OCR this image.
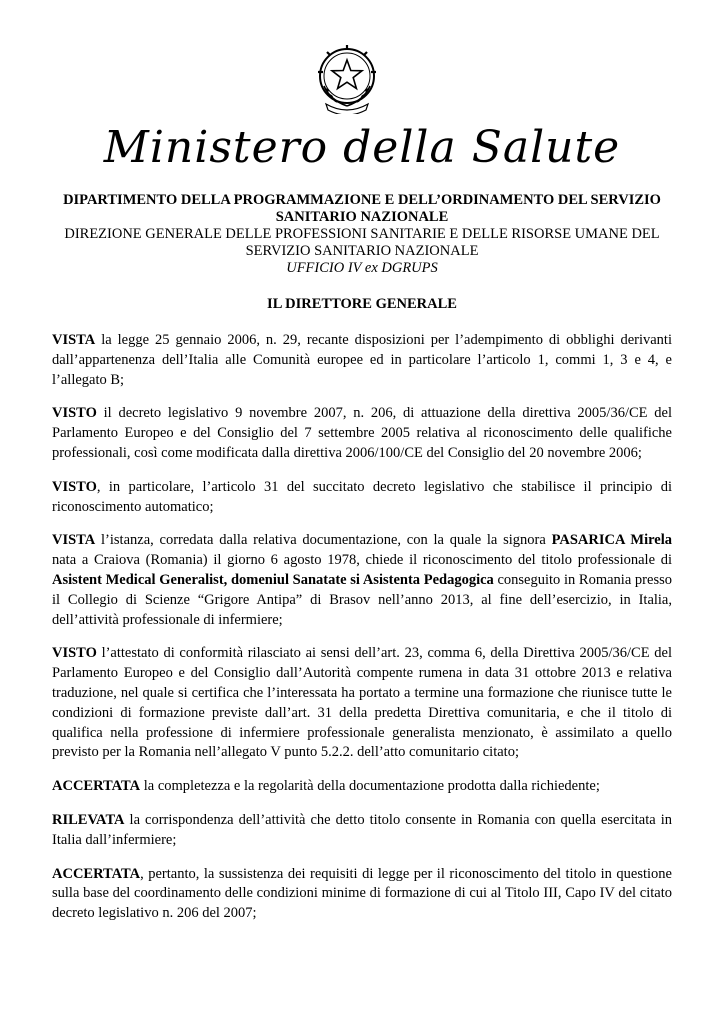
Ministero della Salute
DIPARTIMENTO DELLA PROGRAMMAZIONE E DELL’ORDINAMENTO DEL SERVIZIO SANITARIO NAZIONALE
DIREZIONE GENERALE DELLE PROFESSIONI SANITARIE E DELLE RISORSE UMANE DEL SERVIZIO SANITARIO NAZIONALE
UFFICIO IV ex DGRUPS
IL DIRETTORE GENERALE

VISTA la legge 25 gennaio 2006, n. 29, recante disposizioni per l’adempimento di obblighi derivanti dall’appartenenza dell’Italia alle Comunità europee ed in particolare l’articolo 1, commi 1, 3 e 4, e l’allegato B;

VISTO il decreto legislativo 9 novembre 2007, n. 206, di attuazione della direttiva 2005/36/CE del Parlamento Europeo e del Consiglio del 7 settembre 2005 relativa al riconoscimento delle qualifiche professionali, così come modificata dalla direttiva 2006/100/CE del Consiglio del 20 novembre 2006;

VISTO, in particolare, l’articolo 31 del succitato decreto legislativo che stabilisce il principio di riconoscimento automatico;

VISTA l’istanza, corredata dalla relativa documentazione, con la quale la signora PASARICA Mirela nata a Craiova (Romania) il giorno 6 agosto 1978, chiede il riconoscimento del titolo professionale di Asistent Medical Generalist, domeniul Sanatate si Asistenta Pedagogica conseguito in Romania presso il Collegio di Scienze “Grigore Antipa” di Brasov nell’anno 2013, al fine dell’esercizio, in Italia, dell’attività professionale di infermiere;

VISTO l’attestato di conformità rilasciato ai sensi dell’art. 23, comma 6, della Direttiva 2005/36/CE del Parlamento Europeo e del Consiglio dall’Autorità compente rumena in data 31 ottobre 2013 e relativa traduzione, nel quale si certifica che l’interessata ha portato a termine una formazione che riunisce tutte le condizioni di formazione previste dall’art. 31 della predetta Direttiva comunitaria, e che il titolo di qualifica nella professione di infermiere professionale generalista menzionato, è assimilato a quello previsto per la Romania nell’allegato V punto 5.2.2. dell’atto comunitario citato;

ACCERTATA la completezza e la regolarità della documentazione prodotta dalla richiedente;

RILEVATA la corrispondenza dell’attività che detto titolo consente in Romania con quella esercitata in Italia dall’infermiere;

ACCERTATA, pertanto, la sussistenza dei requisiti di legge per il riconoscimento del titolo in questione sulla base del coordinamento delle condizioni minime di formazione di cui al Titolo III, Capo IV del citato decreto legislativo n. 206 del 2007;
